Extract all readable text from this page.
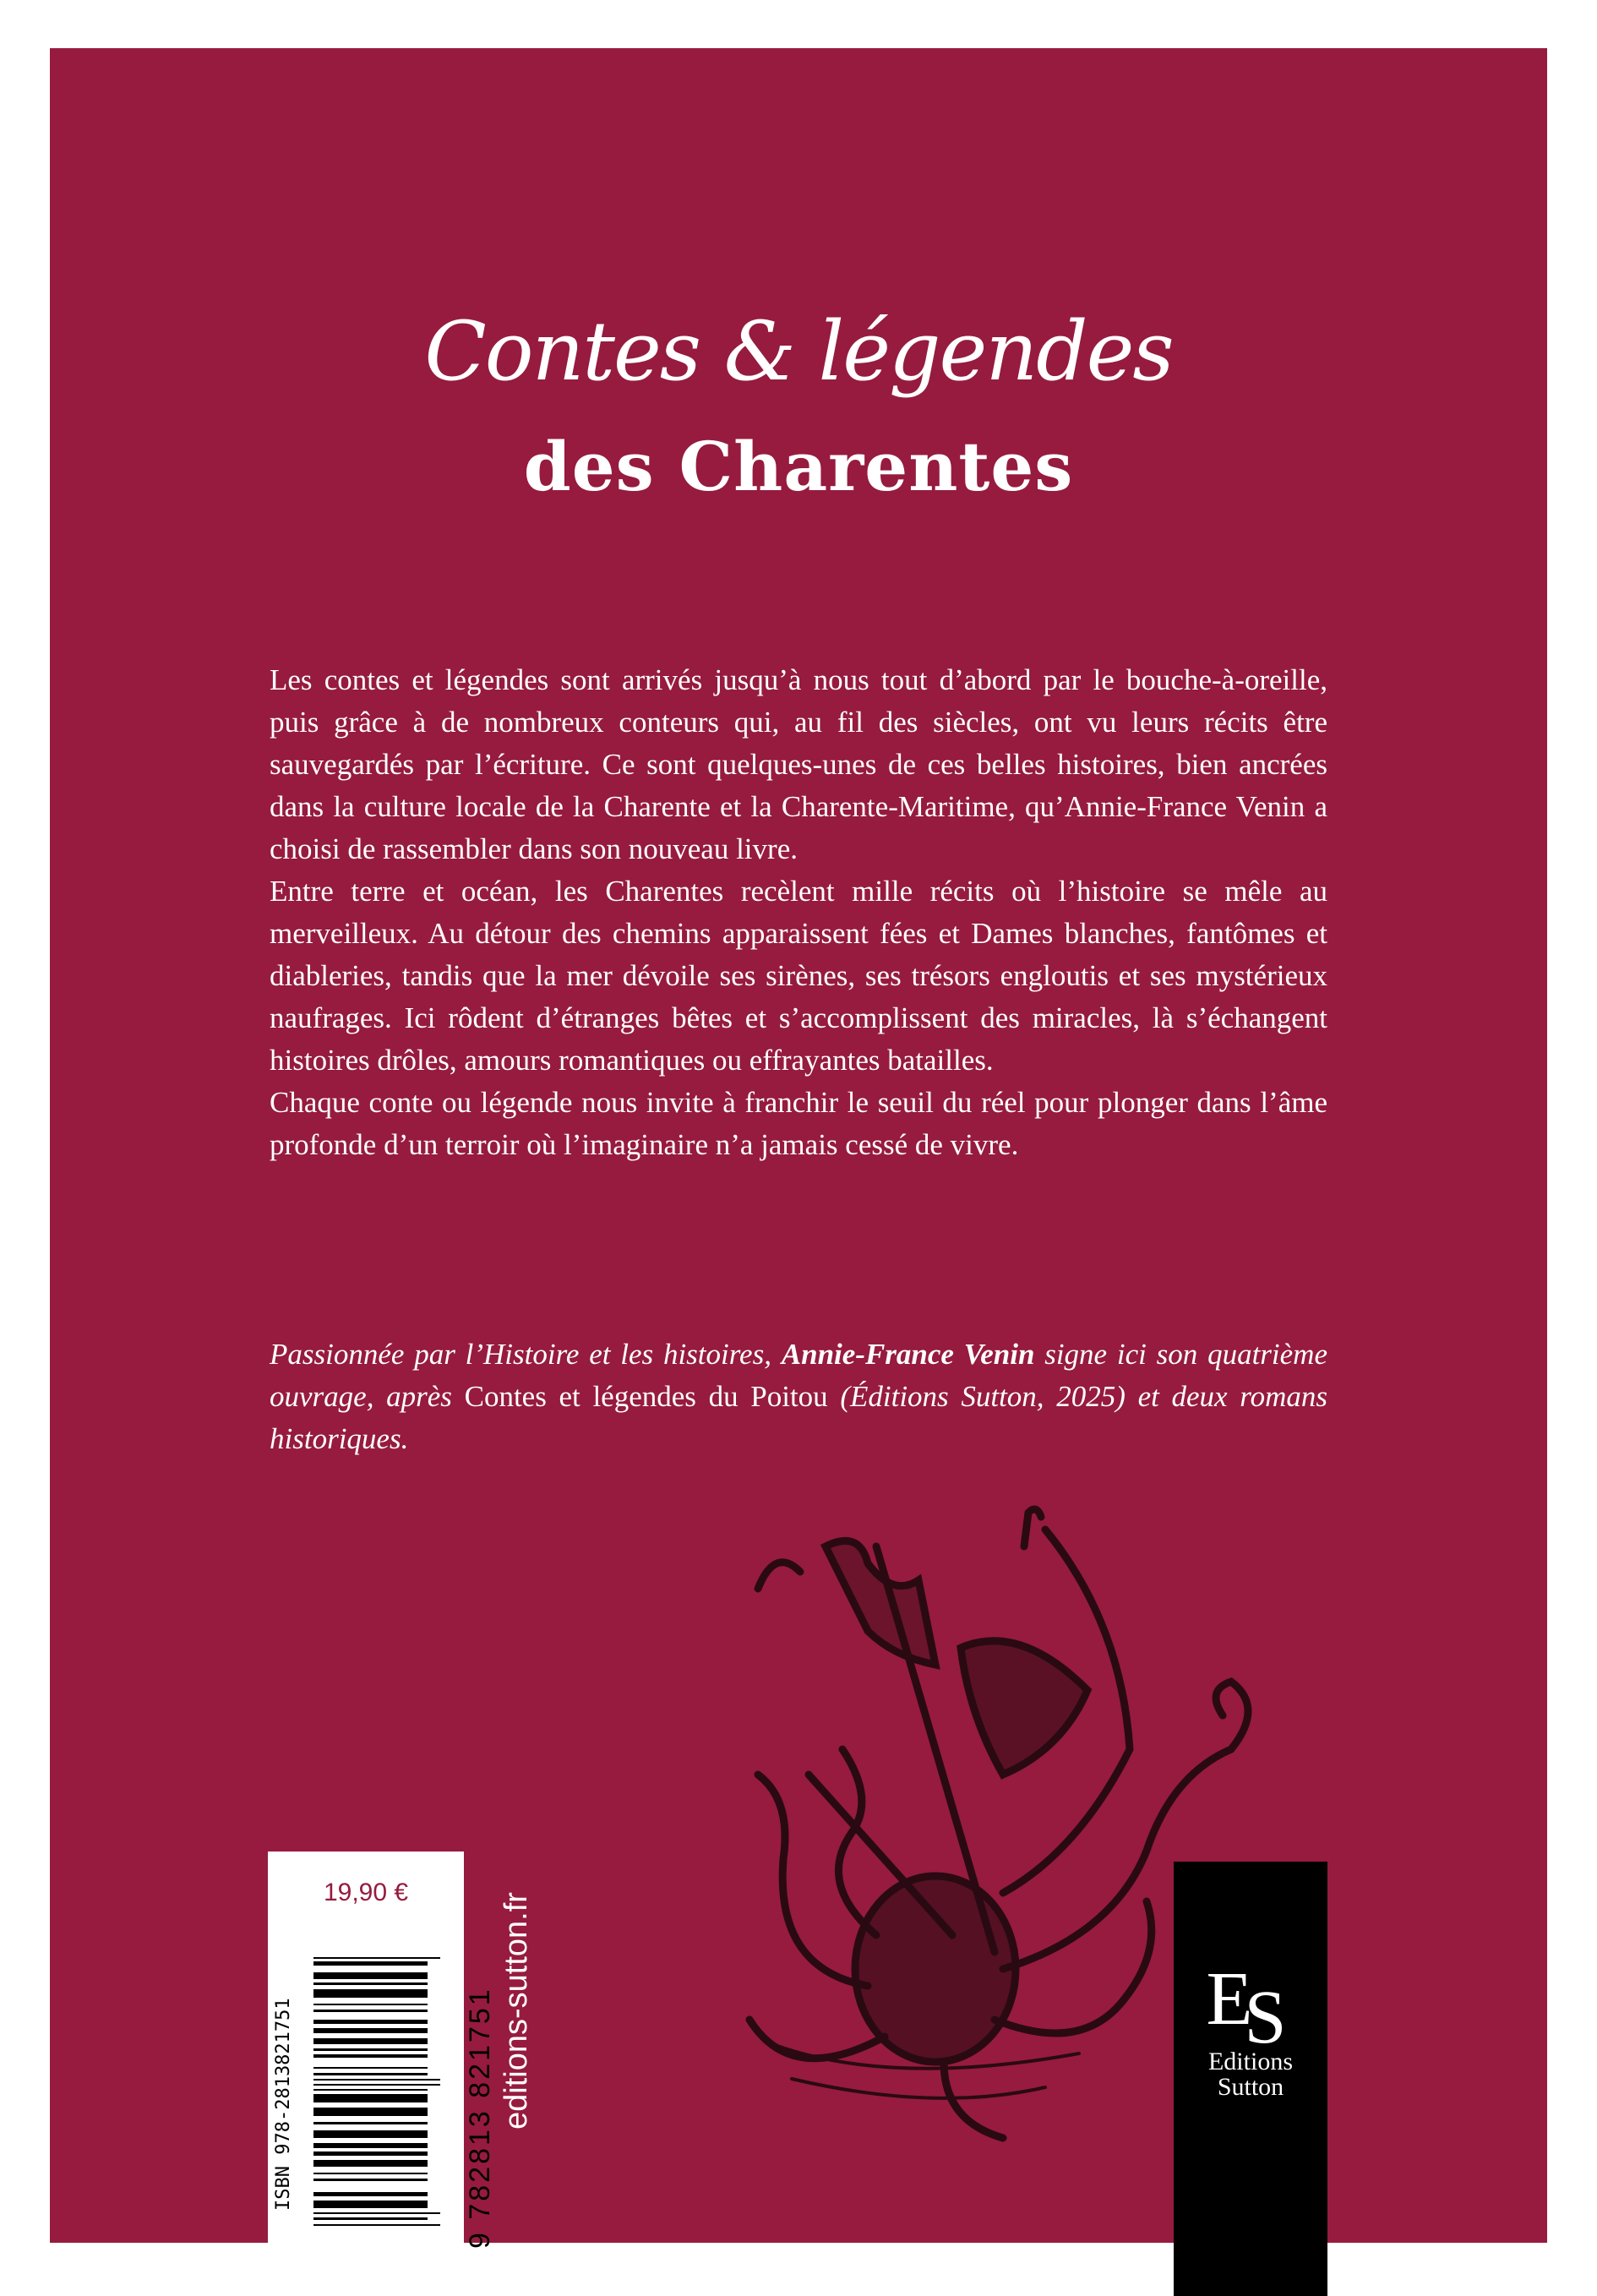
Contes & légendes
des Charentes

Les contes et légendes sont arrivés jusqu’à nous tout d’abord par le bouche-à-oreille, puis grâce à de nombreux conteurs qui, au fil des siècles, ont vu leurs récits être sauvegardés par l’écriture. Ce sont quelques-unes de ces belles histoires, bien ancrées dans la culture locale de la Charente et la Charente-Maritime, qu’Annie-France Venin a choisi de rassembler dans son nouveau livre.

Entre terre et océan, les Charentes recèlent mille récits où l’histoire se mêle au merveilleux. Au détour des chemins apparaissent fées et Dames blanches, fantômes et diableries, tandis que la mer dévoile ses sirènes, ses trésors engloutis et ses mystérieux naufrages. Ici rôdent d’étranges bêtes et s’accomplissent des miracles, là s’échangent histoires drôles, amours romantiques ou effrayantes batailles.

Chaque conte ou légende nous invite à franchir le seuil du réel pour plonger dans l’âme profonde d’un terroir où l’imaginaire n’a jamais cessé de vivre.

Passionnée par l’Histoire et les histoires, Annie-France Venin signe ici son quatrième ouvrage, après Contes et légendes du Poitou (Éditions Sutton, 2025) et deux romans historiques.
19,90 €
ISBN 978-2813821751	9 782813 821751 editions-sutton.fr	ES
Editions
Sutton
